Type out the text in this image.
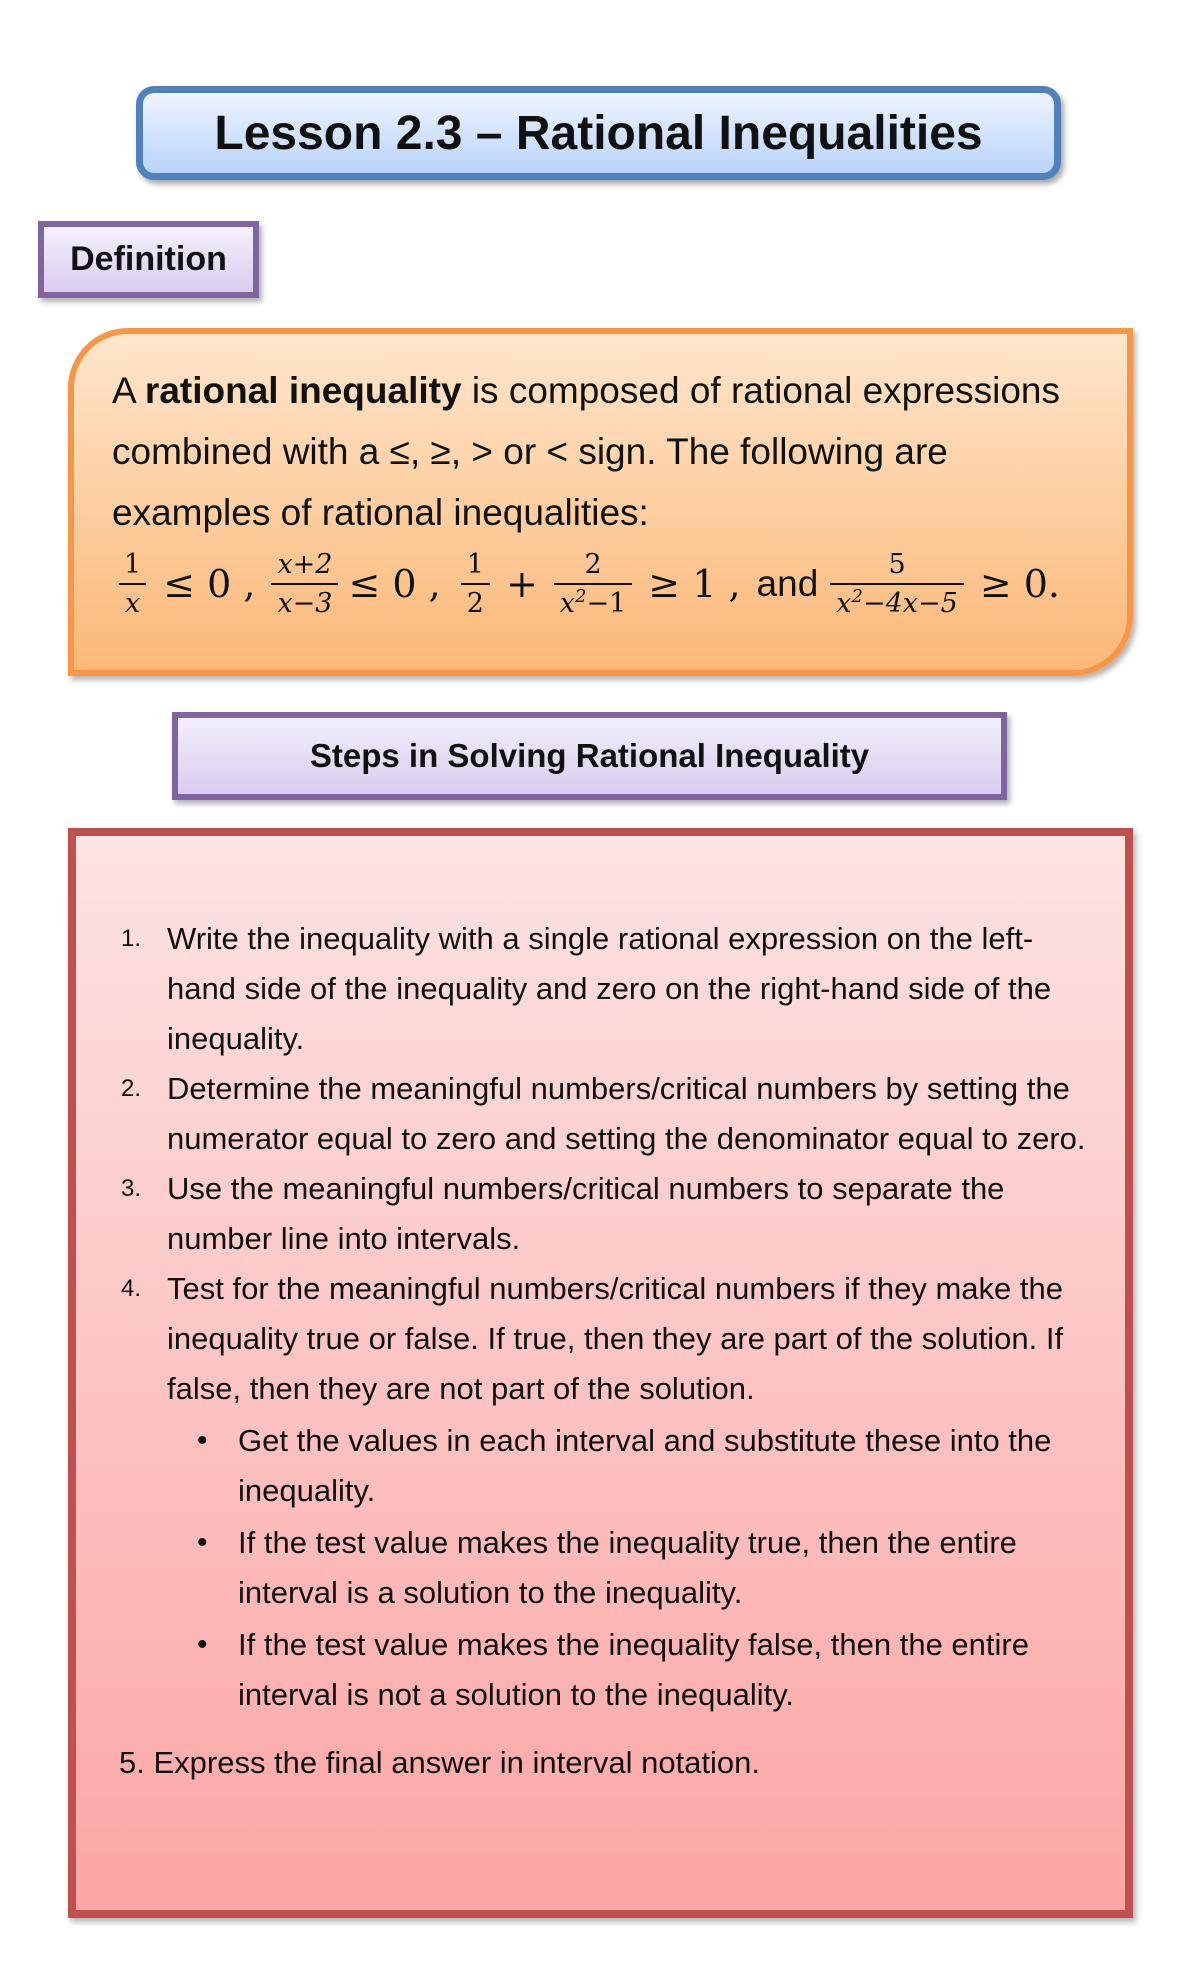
Lesson 2.3 – Rational Inequalities
Definition

A rational inequality is composed of rational expressions combined with a ≤, ≥, > or < sign. The following are examples of rational inequalities:

$\frac{1}{x} \le 0$ , $\frac{x+2}{x-3} \le 0$ , $\frac{1}{2} + \frac{2}{x^2-1} \ge 1$ , and $\frac{5}{x^2-4x-5} \ge 0$.
Steps in Solving Rational Inequality
1. Write the inequality with a single rational expression on the left-hand side of the inequality and zero on the right-hand side of the inequality.
2. Determine the meaningful numbers/critical numbers by setting the numerator equal to zero and setting the denominator equal to zero.
3. Use the meaningful numbers/critical numbers to separate the number line into intervals.
4. Test for the meaningful numbers/critical numbers if they make the inequality true or false. If true, then they are part of the solution. If false, then they are not part of the solution.
• Get the values in each interval and substitute these into the inequality.
• If the test value makes the inequality true, then the entire interval is a solution to the inequality.
• If the test value makes the inequality false, then the entire interval is not a solution to the inequality.
5. Express the final answer in interval notation.
